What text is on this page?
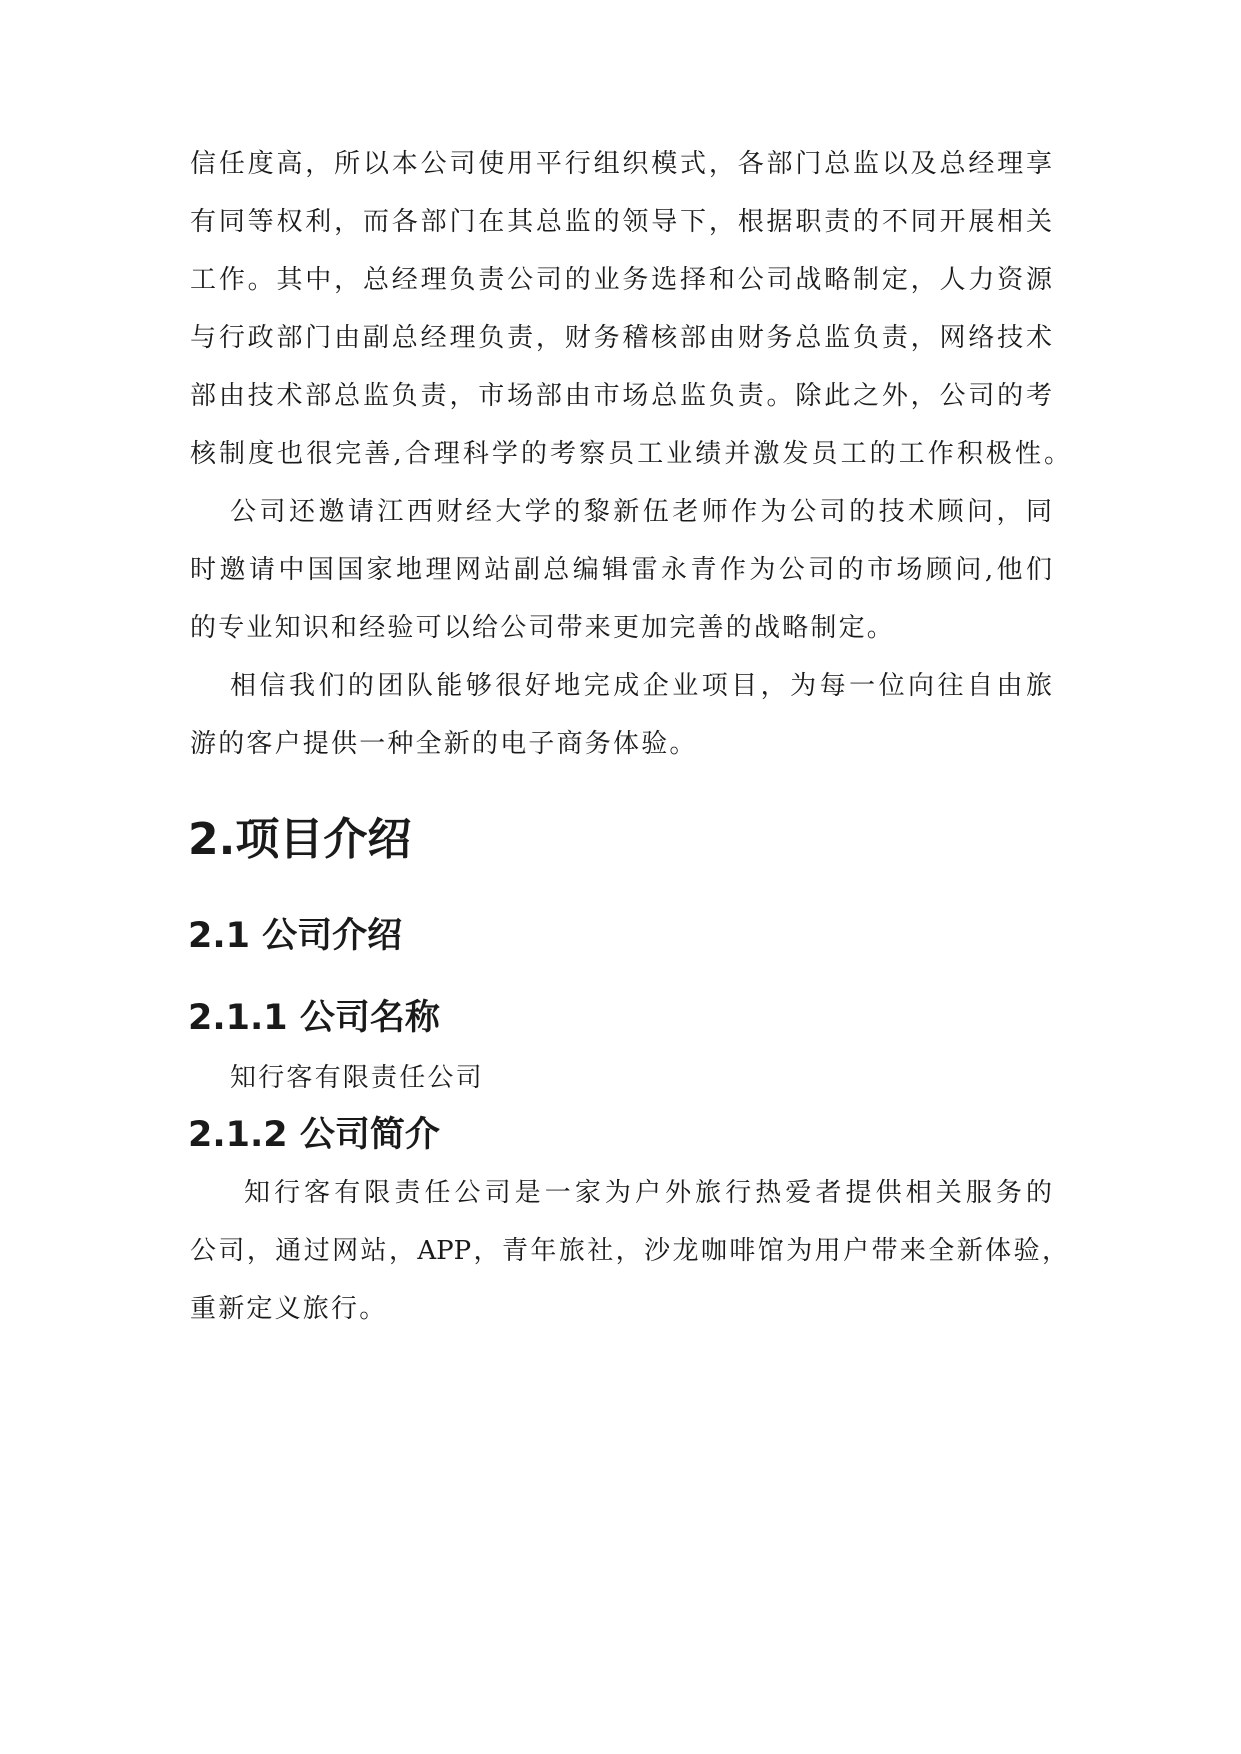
信任度高，所以本公司使用平行组织模式，各部门总监以及总经理享
有同等权利，而各部门在其总监的领导下，根据职责的不同开展相关
工作。其中，总经理负责公司的业务选择和公司战略制定，人力资源
与行政部门由副总经理负责，财务稽核部由财务总监负责，网络技术
部由技术部总监负责，市场部由市场总监负责。除此之外，公司的考
核制度也很完善,合理科学的考察员工业绩并激发员工的工作积极性。
公司还邀请江西财经大学的黎新伍老师作为公司的技术顾问，同
时邀请中国国家地理网站副总编辑雷永青作为公司的市场顾问,他们
的专业知识和经验可以给公司带来更加完善的战略制定。
相信我们的团队能够很好地完成企业项目，为每一位向往自由旅
游的客户提供一种全新的电子商务体验。
2.项目介绍
2.1 公司介绍
2.1.1 公司名称
知行客有限责任公司
2.1.2 公司简介
知行客有限责任公司是一家为户外旅行热爱者提供相关服务的
公司，通过网站，APP，青年旅社，沙龙咖啡馆为用户带来全新体验，
重新定义旅行。
